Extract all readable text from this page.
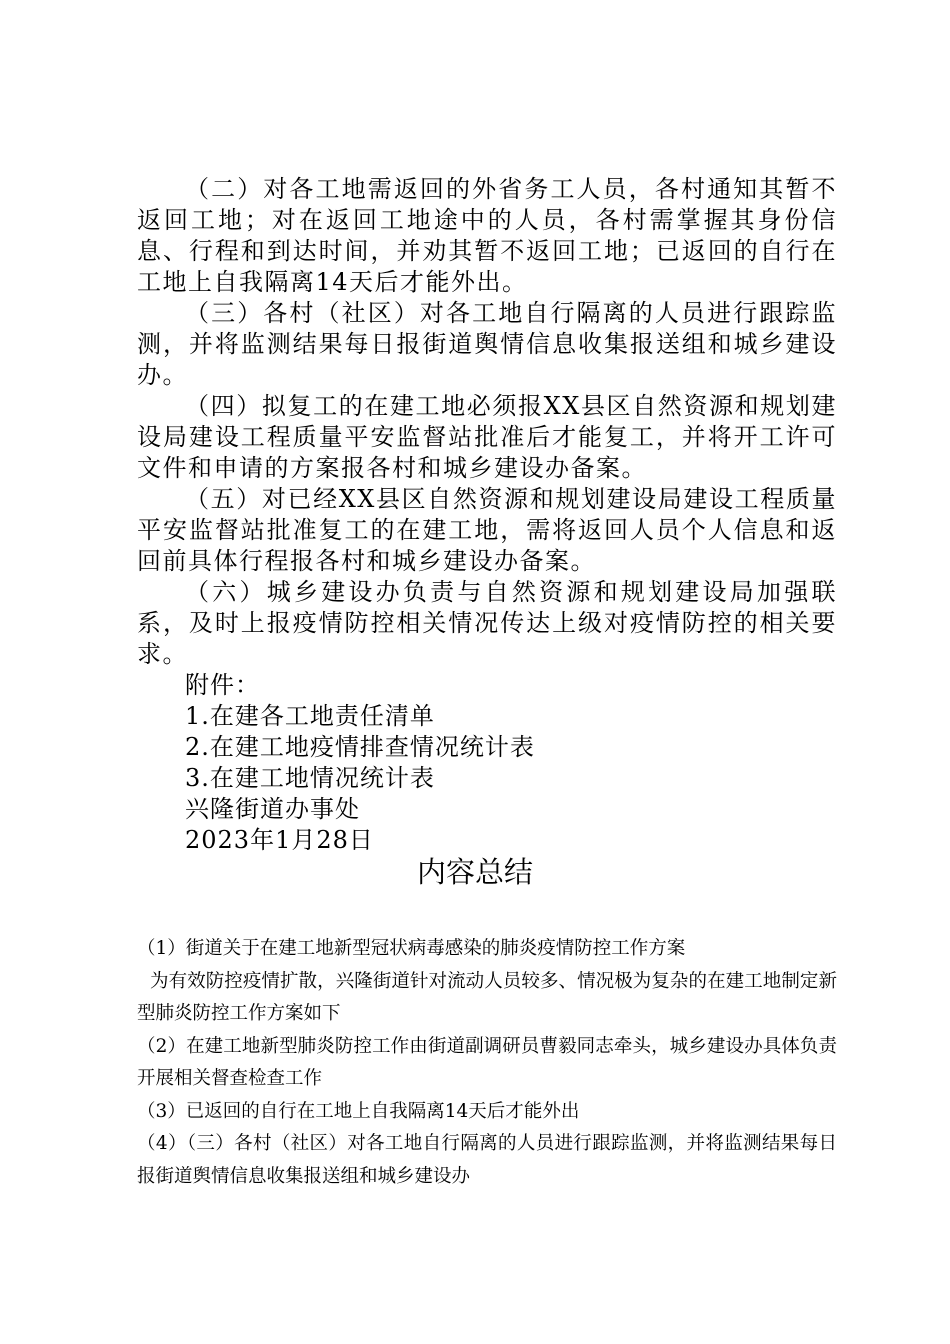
（二）对各工地需返回的外省务工人员，各村通知其暂不返回工地；对在返回工地途中的人员，各村需掌握其身份信息、行程和到达时间，并劝其暂不返回工地；已返回的自行在工地上自我隔离14天后才能外出。

（三）各村（社区）对各工地自行隔离的人员进行跟踪监测，并将监测结果每日报街道舆情信息收集报送组和城乡建设办。

（四）拟复工的在建工地必须报XX县区自然资源和规划建设局建设工程质量平安监督站批准后才能复工，并将开工许可文件和申请的方案报各村和城乡建设办备案。

（五）对已经XX县区自然资源和规划建设局建设工程质量平安监督站批准复工的在建工地，需将返回人员个人信息和返回前具体行程报各村和城乡建设办备案。

（六）城乡建设办负责与自然资源和规划建设局加强联系，及时上报疫情防控相关情况传达上级对疫情防控的相关要求。

附件：

1.在建各工地责任清单

2.在建工地疫情排查情况统计表

3.在建工地情况统计表

兴隆街道办事处

2023年1月28日

内容总结

（1）街道关于在建工地新型冠状病毒感染的肺炎疫情防控工作方案

为有效防控疫情扩散，兴隆街道针对流动人员较多、情况极为复杂的在建工地制定新型肺炎防控工作方案如下

（2）在建工地新型肺炎防控工作由街道副调研员曹毅同志牵头，城乡建设办具体负责开展相关督查检查工作

（3）已返回的自行在工地上自我隔离14天后才能外出

（4）（三）各村（社区）对各工地自行隔离的人员进行跟踪监测，并将监测结果每日报街道舆情信息收集报送组和城乡建设办
